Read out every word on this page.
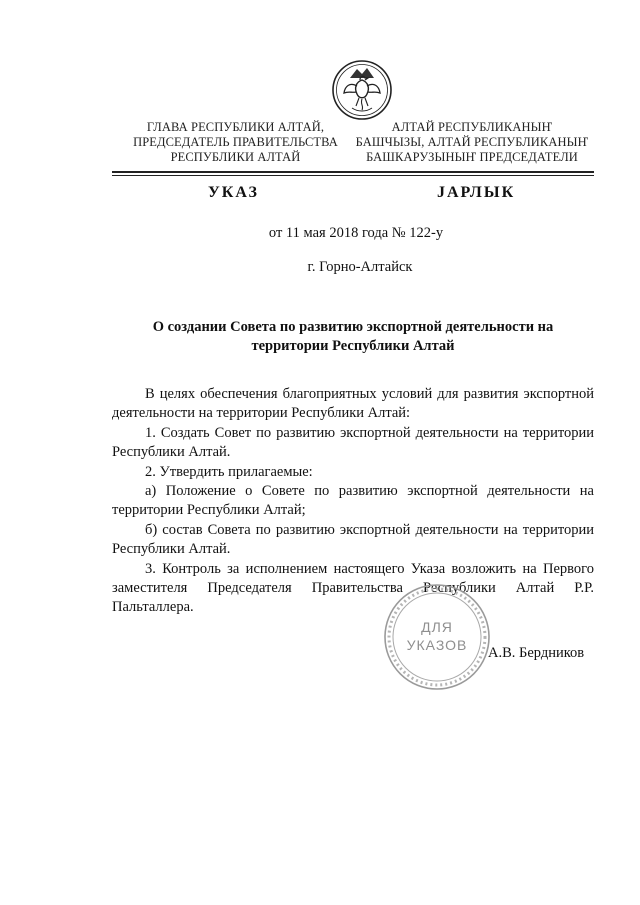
ГЛАВА РЕСПУБЛИКИ АЛТАЙ,
ПРЕДСЕДАТЕЛЬ ПРАВИТЕЛЬСТВА
РЕСПУБЛИКИ АЛТАЙ
АЛТАЙ РЕСПУБЛИКАНЫҤ
БАШЧЫЗЫ, АЛТАЙ РЕСПУБЛИКАНЫҤ
БАШКАРУЗЫНЫҤ ПРЕДСЕДАТЕЛИ
УКАЗ	ЈАРЛЫК
от 11 мая 2018 года № 122-у
г. Горно-Алтайск
О создании Совета по развитию экспортной деятельности на
территории Республики Алтай

В целях обеспечения благоприятных условий для развития экспортной деятельности на территории Республики Алтай:

1. Создать Совет по развитию экспортной деятельности на территории Республики Алтай.

2. Утвердить прилагаемые:

а) Положение о Совете по развитию экспортной деятельности на территории Республики Алтай;

б) состав Совета по развитию экспортной деятельности на территории Республики Алтай.

3. Контроль за исполнением настоящего Указа возложить на Первого заместителя Председателя Правительства Республики Алтай Р.Р. Пальталлера.

ДЛЯ
УКАЗОВ А.В. Бердников
